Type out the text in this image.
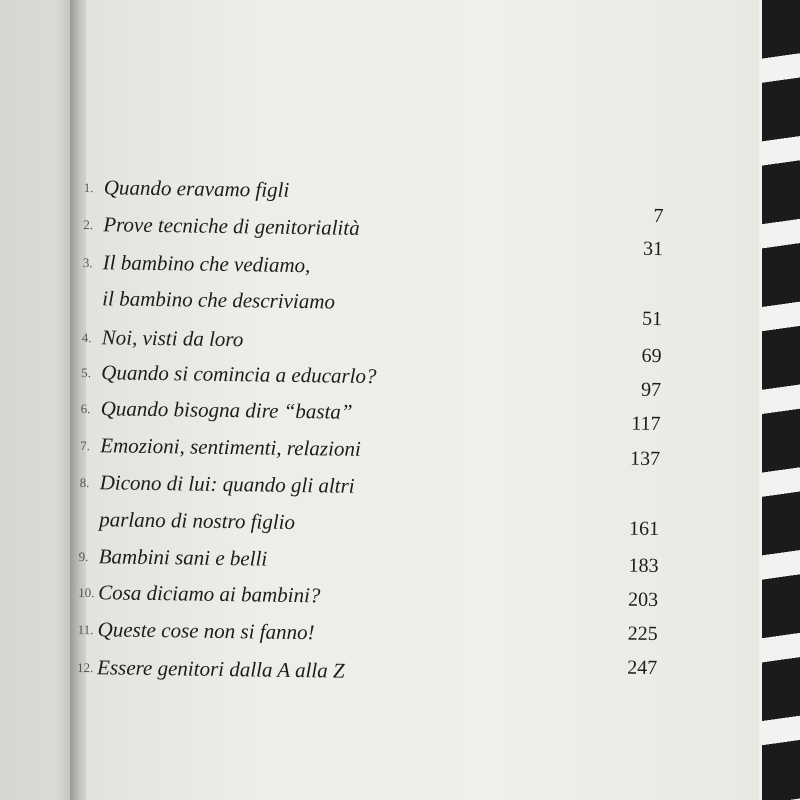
1. Quando eravamo figli
2. Prove tecniche di genitorialità
3. Il bambino che vediamo,
il bambino che descriviamo
4. Noi, visti da loro
5. Quando si comincia a educarlo?
6. Quando bisogna dire “basta”
7. Emozioni, sentimenti, relazioni
8. Dicono di lui: quando gli altri
parlano di nostro figlio
9. Bambini sani e belli
10. Cosa diciamo ai bambini?
11. Queste cose non si fanno!
12. Essere genitori dalla A alla Z
7
31
51
69
97
117
137
161
183
203
225
247
